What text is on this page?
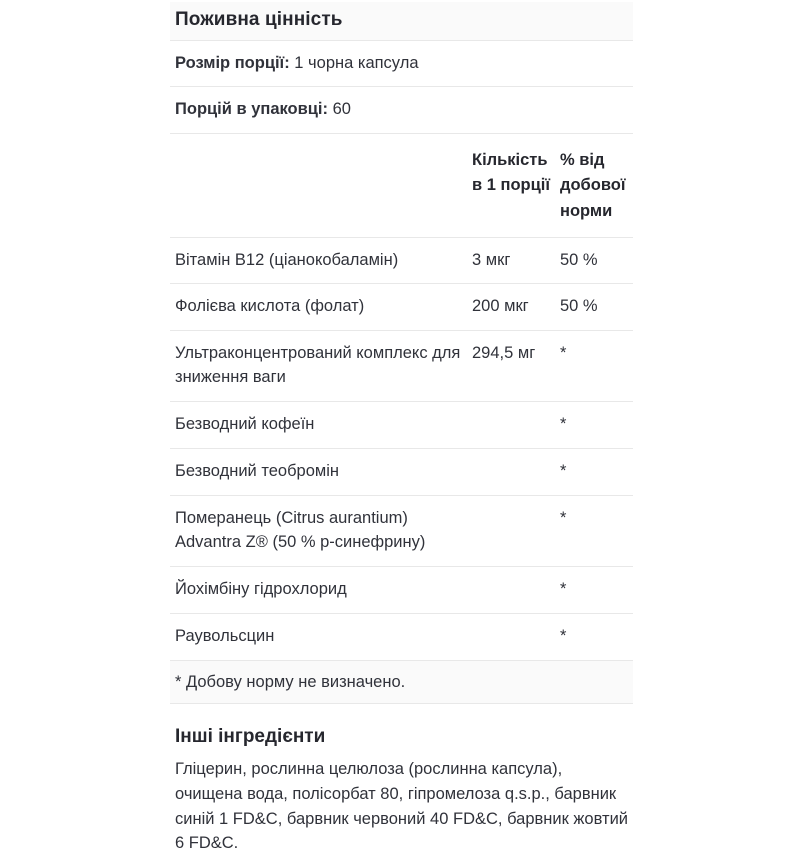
Поживна цінність
Розмір порції: 1 чорна капсула
Порцій в упаковці: 60
	Кількість в 1 порції	% від добової норми
Вітамін B12 (ціанокобаламін)	3 мкг	50 %
Фолієва кислота (фолат)	200 мкг	50 %
Ультраконцентрований комплекс для зниження ваги	294,5 мг	*
Безводний кофеїн		*
Безводний теобромін		*
Померанець (Citrus aurantium) Advantra Z® (50 % p-синефрину)		*
Йохімбіну гідрохлорид		*
Раувольсцин		*
* Добову норму не визначено.
Інші інгредієнти

Гліцерин, рослинна целюлоза (рослинна капсула), очищена вода, полісорбат 80, гіпромелоза q.s.p., барвник синій 1 FD&C, барвник червоний 40 FD&C, барвник жовтий 6 FD&C.
